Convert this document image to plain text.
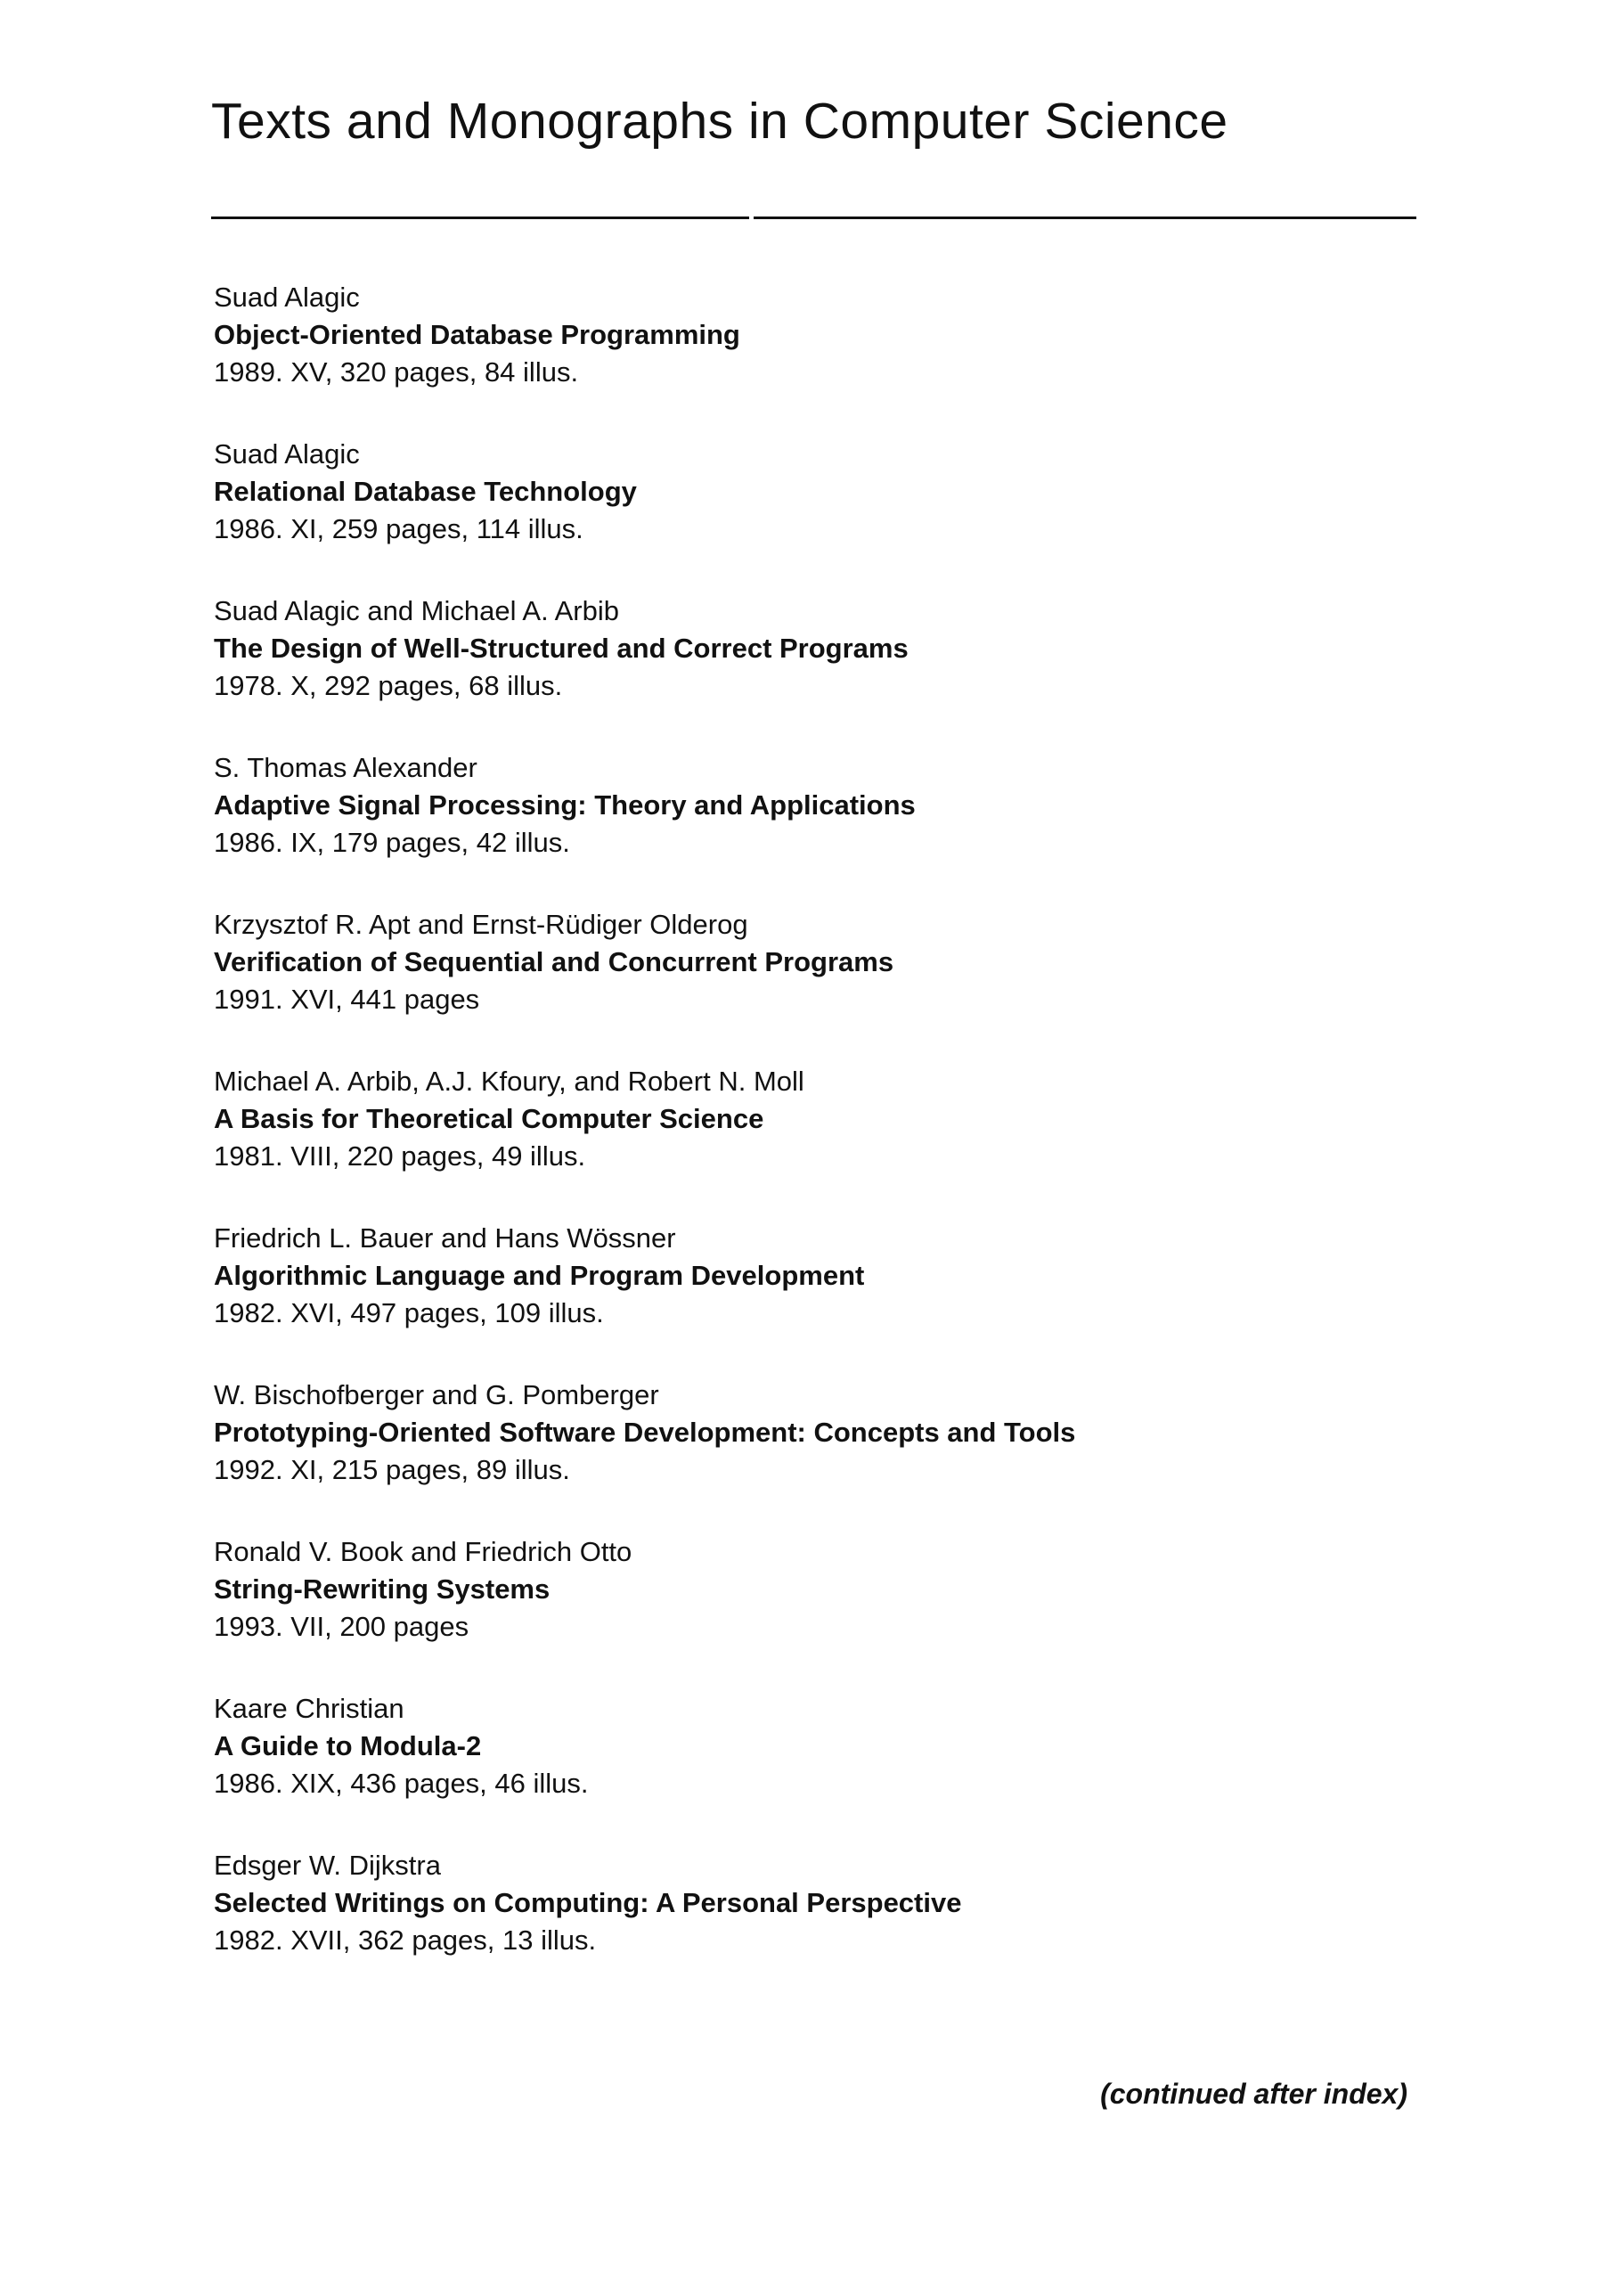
Texts and Monographs in Computer Science
Suad Alagic
Object-Oriented Database Programming
1989. XV, 320 pages, 84 illus.
Suad Alagic
Relational Database Technology
1986. XI, 259 pages, 114 illus.
Suad Alagic and Michael A. Arbib
The Design of Well-Structured and Correct Programs
1978. X, 292 pages, 68 illus.
S. Thomas Alexander
Adaptive Signal Processing: Theory and Applications
1986. IX, 179 pages, 42 illus.
Krzysztof R. Apt and Ernst-Rüdiger Olderog
Verification of Sequential and Concurrent Programs
1991. XVI, 441 pages
Michael A. Arbib, A.J. Kfoury, and Robert N. Moll
A Basis for Theoretical Computer Science
1981. VIII, 220 pages, 49 illus.
Friedrich L. Bauer and Hans Wössner
Algorithmic Language and Program Development
1982. XVI, 497 pages, 109 illus.
W. Bischofberger and G. Pomberger
Prototyping-Oriented Software Development: Concepts and Tools
1992. XI, 215 pages, 89 illus.
Ronald V. Book and Friedrich Otto
String-Rewriting Systems
1993. VII, 200 pages
Kaare Christian
A Guide to Modula-2
1986. XIX, 436 pages, 46 illus.
Edsger W. Dijkstra
Selected Writings on Computing: A Personal Perspective
1982. XVII, 362 pages, 13 illus.
(continued after index)
